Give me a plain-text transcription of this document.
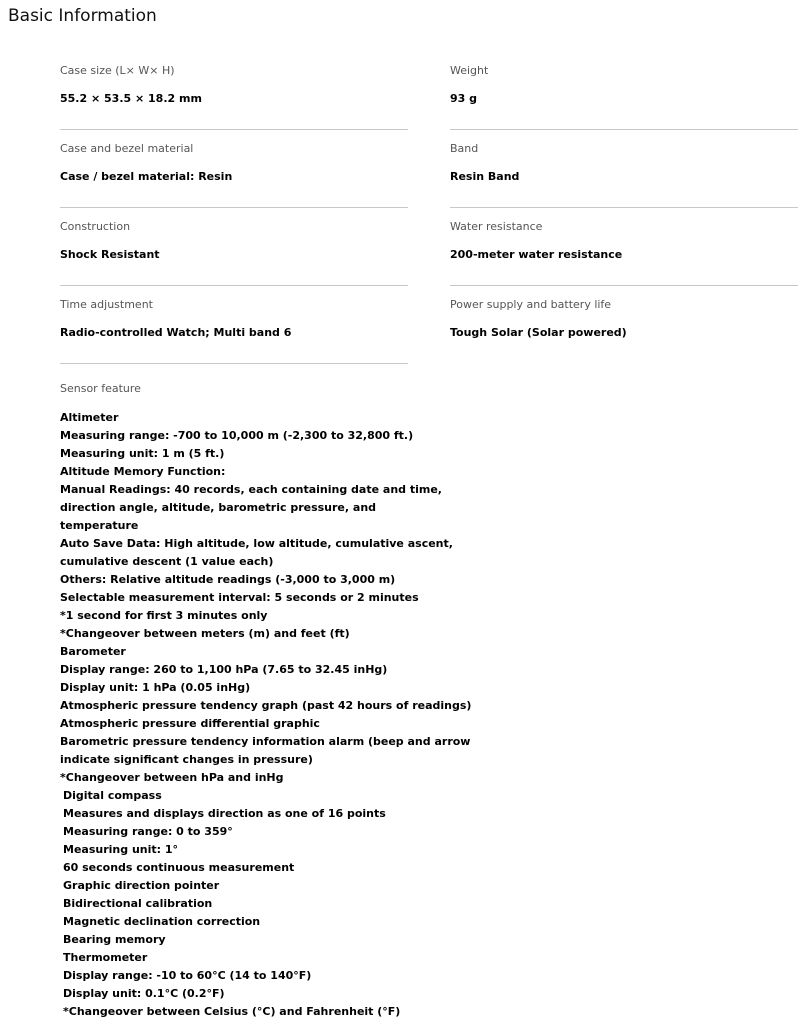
Basic Information
Case size (L× W× H)
55.2 × 53.5 × 18.2 mm
Case and bezel material
Case / bezel material: Resin
Construction
Shock Resistant
Time adjustment
Radio-controlled Watch; Multi band 6
Sensor feature
Altimeter
Measuring range: -700 to 10,000 m (-2,300 to 32,800 ft.)
Measuring unit: 1 m (5 ft.)
Altitude Memory Function:
Manual Readings: 40 records, each containing date and time,
direction angle, altitude, barometric pressure, and
temperature
Auto Save Data: High altitude, low altitude, cumulative ascent,
cumulative descent (1 value each)
Others: Relative altitude readings (-3,000 to 3,000 m)
Selectable measurement interval: 5 seconds or 2 minutes
*1 second for first 3 minutes only
*Changeover between meters (m) and feet (ft)
Barometer
Display range: 260 to 1,100 hPa (7.65 to 32.45 inHg)
Display unit: 1 hPa (0.05 inHg)
Atmospheric pressure tendency graph (past 42 hours of readings)
Atmospheric pressure differential graphic
Barometric pressure tendency information alarm (beep and arrow
indicate significant changes in pressure)
*Changeover between hPa and inHg
Digital compass
Measures and displays direction as one of 16 points
Measuring range: 0 to 359°
Measuring unit: 1°
60 seconds continuous measurement
Graphic direction pointer
Bidirectional calibration
Magnetic declination correction
Bearing memory
Thermometer
Display range: -10 to 60°C (14 to 140°F)
Display unit: 0.1°C (0.2°F)
*Changeover between Celsius (°C) and Fahrenheit (°F)
Weight
93 g
Band
Resin Band
Water resistance
200-meter water resistance
Power supply and battery life
Tough Solar (Solar powered)
